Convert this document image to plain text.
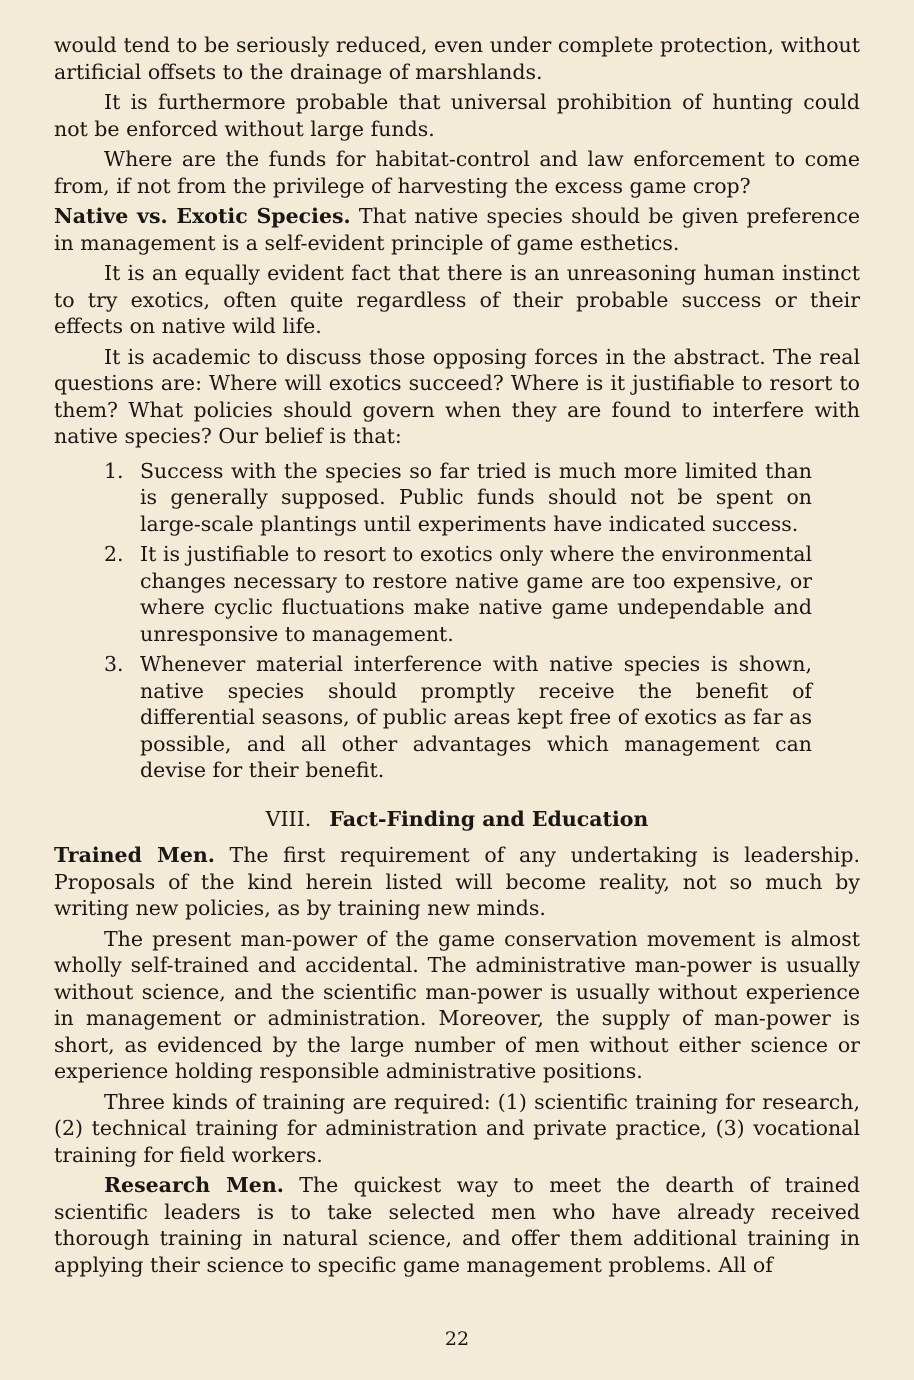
would tend to be seriously reduced, even under complete protection, without artificial offsets to the drainage of marshlands.

It is furthermore probable that universal prohibition of hunting could not be enforced without large funds.

Where are the funds for habitat-control and law enforcement to come from, if not from the privilege of harvesting the excess game crop?

Native vs. Exotic Species. That native species should be given preference in management is a self-evident principle of game esthetics.

It is an equally evident fact that there is an unreasoning human instinct to try exotics, often quite regardless of their probable success or their effects on native wild life.

It is academic to discuss those opposing forces in the abstract. The real questions are: Where will exotics succeed? Where is it justifiable to resort to them? What policies should govern when they are found to interfere with native species? Our belief is that:

1. Success with the species so far tried is much more limited than is generally supposed. Public funds should not be spent on large-scale plantings until experiments have indicated success.
2. It is justifiable to resort to exotics only where the environmental changes necessary to restore native game are too expensive, or where cyclic fluctuations make native game undependable and unresponsive to management.
3. Whenever material interference with native species is shown, native species should promptly receive the benefit of differential seasons, of public areas kept free of exotics as far as possible, and all other advantages which management can devise for their benefit.
VIII. Fact-Finding and Education

Trained Men. The first requirement of any undertaking is leadership. Proposals of the kind herein listed will become reality, not so much by writing new policies, as by training new minds.

The present man-power of the game conservation movement is almost wholly self-trained and accidental. The administrative man-power is usually without science, and the scientific man-power is usually without experience in management or administration. Moreover, the supply of man-power is short, as evidenced by the large number of men without either science or experience holding responsible administrative positions.

Three kinds of training are required: (1) scientific training for research, (2) technical training for administration and private practice, (3) vocational training for field workers.

Research Men. The quickest way to meet the dearth of trained scientific leaders is to take selected men who have already received thorough training in natural science, and offer them additional training in applying their science to specific game management problems. All of

22
